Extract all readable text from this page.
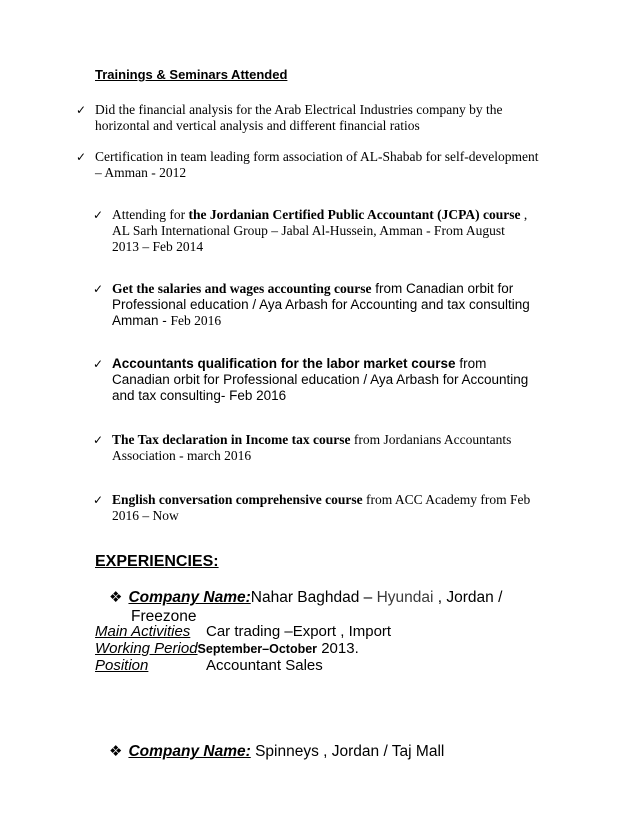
Trainings & Seminars Attended
✓ Did the financial analysis for the Arab Electrical Industries company by the
horizontal and vertical analysis and different financial ratios
✓ Certification in team leading form association of AL-Shabab for self-development
– Amman - 2012
✓ Attending for the Jordanian Certified Public Accountant (JCPA) course ,
AL Sarh International Group – Jabal Al-Hussein, Amman - From August
2013 – Feb 2014
✓ Get the salaries and wages accounting course from Canadian orbit for
Professional education / Aya Arbash for Accounting and tax consulting
Amman - Feb 2016
✓ Accountants qualification for the labor market course from
Canadian orbit for Professional education / Aya Arbash for Accounting
and tax consulting- Feb 2016
✓ The Tax declaration in Income tax course from Jordanians Accountants
Association - march 2016
✓ English conversation comprehensive course from ACC Academy from Feb
2016 – Now
EXPERIENCIES:
❖ Company Name:Nahar Baghdad – Hyundai , Jordan /
Freezone
Main Activities Car trading –Export , Import
Working PeriodSeptember–October 2013.
Position	Accountant Sales
❖ Company Name: Spinneys , Jordan / Taj Mall
